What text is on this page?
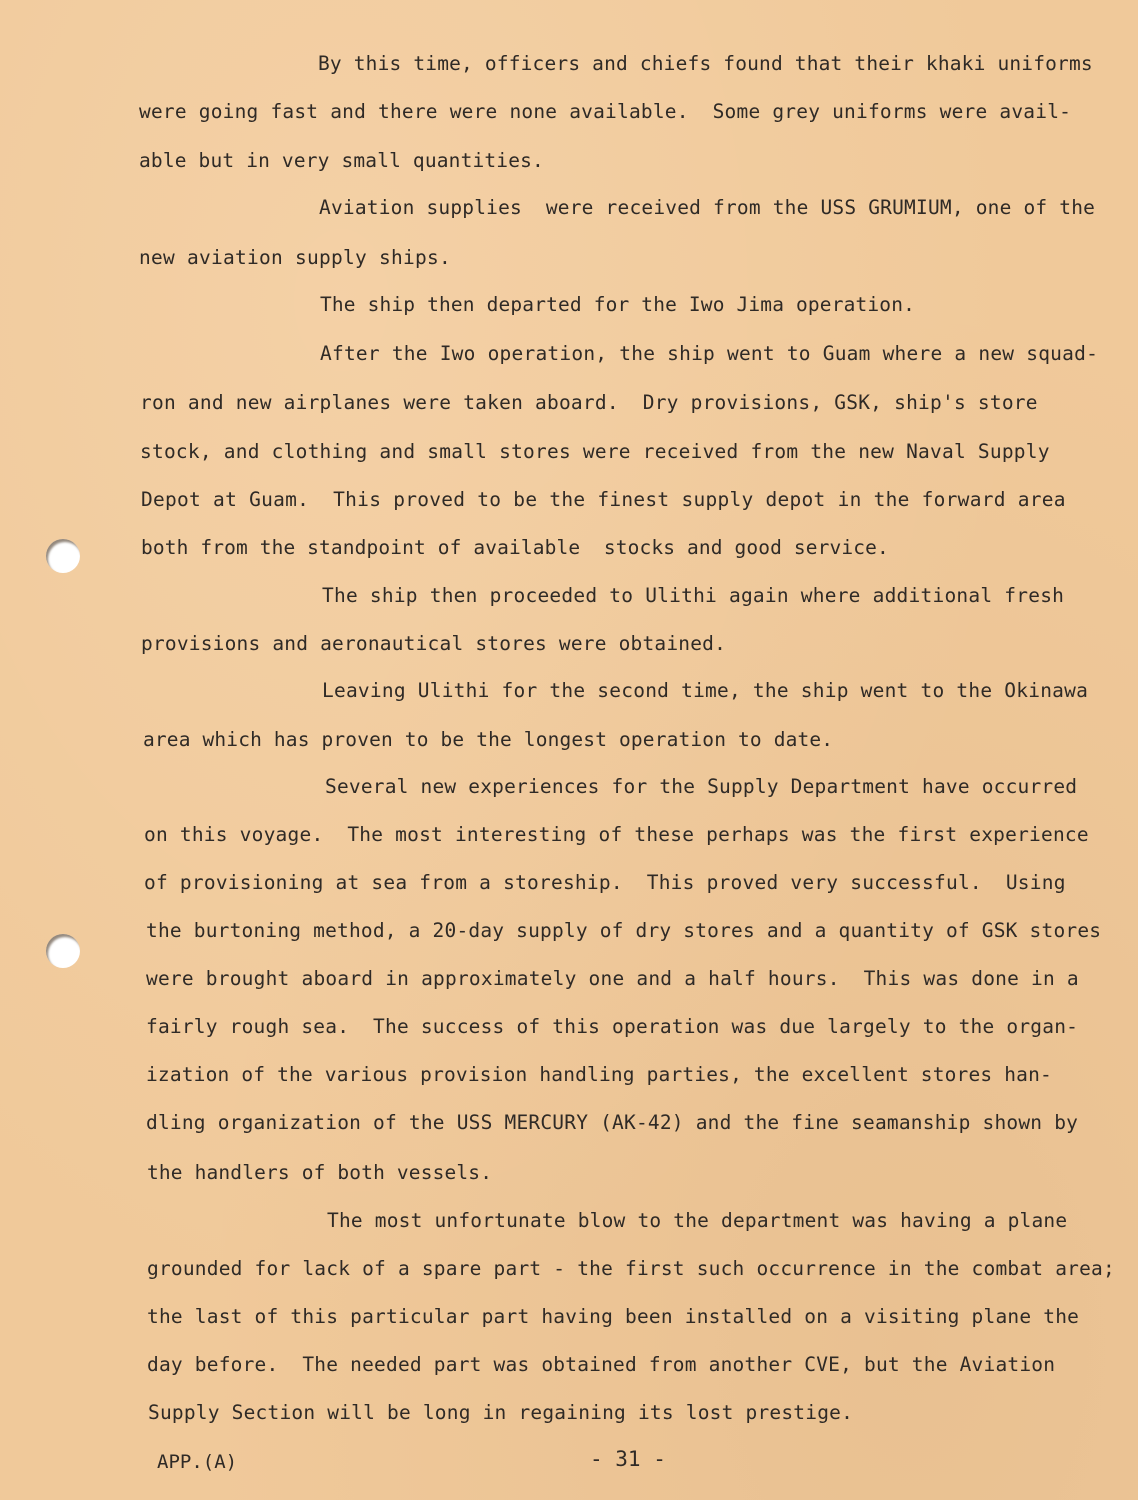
By this time, officers and chiefs found that their khaki uniforms
were going fast and there were none available.  Some grey uniforms were avail-
able but in very small quantities.
Aviation supplies  were received from the USS GRUMIUM, one of the
new aviation supply ships.
The ship then departed for the Iwo Jima operation.
After the Iwo operation, the ship went to Guam where a new squad-
ron and new airplanes were taken aboard.  Dry provisions, GSK, ship's store
stock, and clothing and small stores were received from the new Naval Supply
Depot at Guam.  This proved to be the finest supply depot in the forward area
both from the standpoint of available  stocks and good service.
The ship then proceeded to Ulithi again where additional fresh
provisions and aeronautical stores were obtained.
Leaving Ulithi for the second time, the ship went to the Okinawa
area which has proven to be the longest operation to date.
Several new experiences for the Supply Department have occurred
on this voyage.  The most interesting of these perhaps was the first experience
of provisioning at sea from a storeship.  This proved very successful.  Using
the burtoning method, a 20-day supply of dry stores and a quantity of GSK stores
were brought aboard in approximately one and a half hours.  This was done in a
fairly rough sea.  The success of this operation was due largely to the organ-
ization of the various provision handling parties, the excellent stores han-
dling organization of the USS MERCURY (AK-42) and the fine seamanship shown by
the handlers of both vessels.
The most unfortunate blow to the department was having a plane
grounded for lack of a spare part - the first such occurrence in the combat area;
the last of this particular part having been installed on a visiting plane the
day before.  The needed part was obtained from another CVE, but the Aviation
Supply Section will be long in regaining its lost prestige.
APP.(A)	- 31 -
